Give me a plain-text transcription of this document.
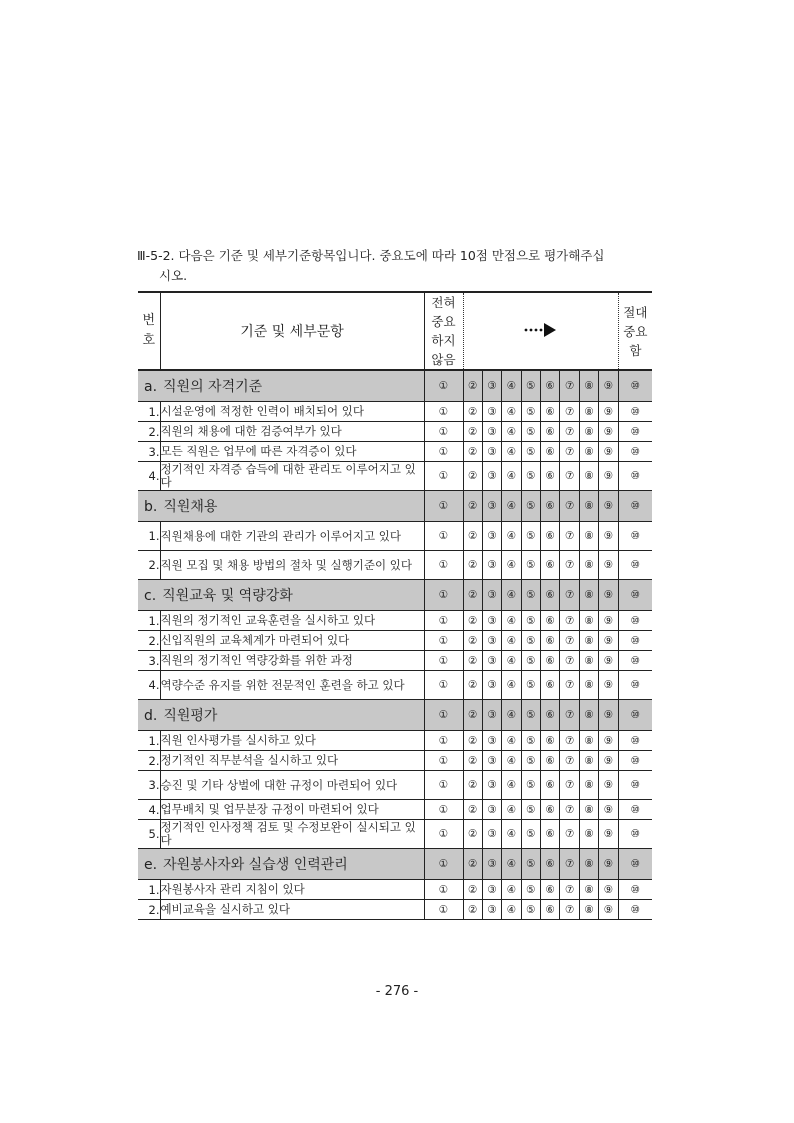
Ⅲ-5-2. 다음은 기준 및 세부기준항목입니다. 중요도에 따라 10점 만점으로 평가해주십
시오.
번
호	기준 및 세부문항	전혀
중요
하지
않음									절대
중요
함
a. 직원의 자격기준		①	②	③	④	⑤	⑥	⑦	⑧	⑨	⑩
1.	시설운영에 적정한 인력이 배치되어 있다	①	②	③	④	⑤	⑥	⑦	⑧	⑨	⑩
2.	직원의 채용에 대한 검증여부가 있다	①	②	③	④	⑤	⑥	⑦	⑧	⑨	⑩
3.	모든 직원은 업무에 따른 자격증이 있다	①	②	③	④	⑤	⑥	⑦	⑧	⑨	⑩
4.	정기적인 자격증 습득에 대한 관리도 이루어지고 있다	①	②	③	④	⑤	⑥	⑦	⑧	⑨	⑩
b. 직원채용		①	②	③	④	⑤	⑥	⑦	⑧	⑨	⑩
1.	직원채용에 대한 기관의 관리가 이루어지고 있다	①	②	③	④	⑤	⑥	⑦	⑧	⑨	⑩
2.	직원 모집 및 채용 방법의 절차 및 실행기준이 있다	①	②	③	④	⑤	⑥	⑦	⑧	⑨	⑩
c. 직원교육 및 역량강화		①	②	③	④	⑤	⑥	⑦	⑧	⑨	⑩
1.	직원의 정기적인 교육훈련을 실시하고 있다	①	②	③	④	⑤	⑥	⑦	⑧	⑨	⑩
2.	신입직원의 교육체계가 마련되어 있다	①	②	③	④	⑤	⑥	⑦	⑧	⑨	⑩
3.	직원의 정기적인 역량강화를 위한 과정	①	②	③	④	⑤	⑥	⑦	⑧	⑨	⑩
4.	역량수준 유지를 위한 전문적인 훈련을 하고 있다	①	②	③	④	⑤	⑥	⑦	⑧	⑨	⑩
d. 직원평가		①	②	③	④	⑤	⑥	⑦	⑧	⑨	⑩
1.	직원 인사평가를 실시하고 있다	①	②	③	④	⑤	⑥	⑦	⑧	⑨	⑩
2.	정기적인 직무분석을 실시하고 있다	①	②	③	④	⑤	⑥	⑦	⑧	⑨	⑩
3.	승진 및 기타 상벌에 대한 규정이 마련되어 있다	①	②	③	④	⑤	⑥	⑦	⑧	⑨	⑩
4.	업무배치 및 업무분장 규정이 마련되어 있다	①	②	③	④	⑤	⑥	⑦	⑧	⑨	⑩
5.	정기적인 인사정책 검토 및 수정보완이 실시되고 있다	①	②	③	④	⑤	⑥	⑦	⑧	⑨	⑩
e. 자원봉사자와 실습생 인력관리		①	②	③	④	⑤	⑥	⑦	⑧	⑨	⑩
1.	자원봉사자 관리 지침이 있다	①	②	③	④	⑤	⑥	⑦	⑧	⑨	⑩
2.	예비교육을 실시하고 있다	①	②	③	④	⑤	⑥	⑦	⑧	⑨	⑩
- 276 -
